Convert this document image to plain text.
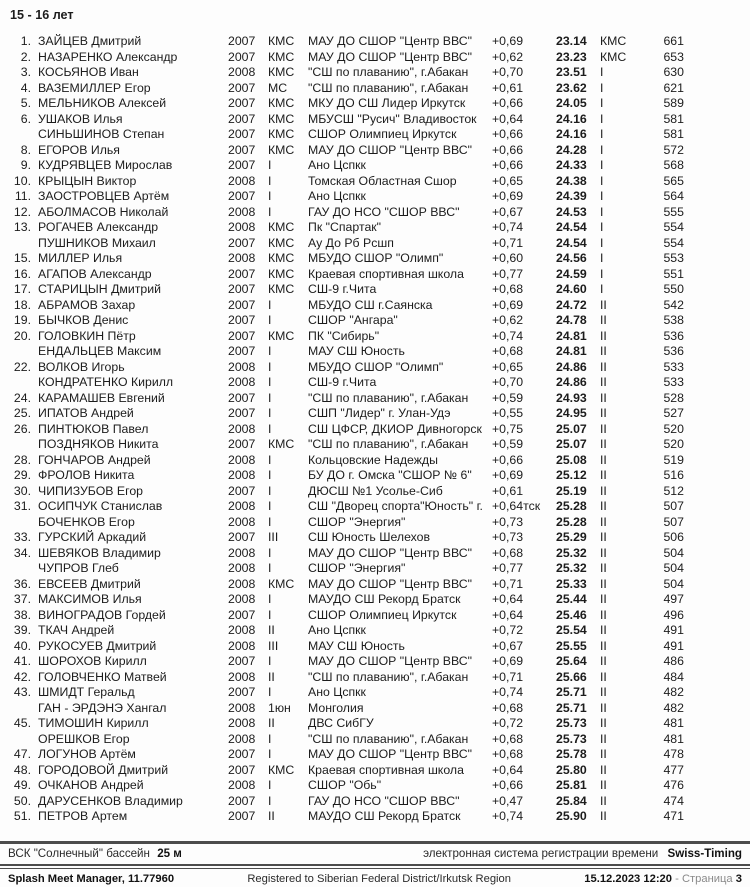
15 - 16 лет
1. ЗАЙЦЕВ Дмитрий	2007	КМС	МАУ ДО СШОР "Центр ВВС"	+0,69	23.14	КМС	661
2. НАЗАРЕНКО Александр	2007	КМС	МАУ ДО СШОР "Центр ВВС"	+0,62	23.23	КМС	653
3. КОСЬЯНОВ Иван	2008	КМС	"СШ по плаванию", г.Абакан	+0,70	23.51	I	630
4. ВАЗЕМИЛЛЕР Егор	2007	МС	"СШ по плаванию", г.Абакан	+0,61	23.62	I	621
5. МЕЛЬНИКОВ Алексей	2007	КМС	МКУ ДО СШ Лидер Иркутск	+0,66	24.05	I	589
6. УШАКОВ Илья	2007	КМС	МБУСШ "Русич" Владивосток	+0,64	24.16	I	581
СИНЬШИНОВ Степан	2007	КМС	СШОР Олимпиец Иркутск	+0,66	24.16	I	581
8. ЕГОРОВ Илья	2007	КМС	МАУ ДО СШОР "Центр ВВС"	+0,66	24.28	I	572
9. КУДРЯВЦЕВ Мирослав	2007	I	Ано Цспкк	+0,66	24.33	I	568
10. КРЫЦЫН Виктор	2008	I	Томская Областная Сшор	+0,65	24.38	I	565
11. ЗАОСТРОВЦЕВ Артём	2007	I	Ано Цспкк	+0,69	24.39	I	564
12. АБОЛМАСОВ Николай	2008	I	ГАУ ДО НСО "СШОР ВВС"	+0,67	24.53	I	555
13. РОГАЧЕВ Александр	2008	КМС	Пк "Спартак"	+0,74	24.54	I	554
ПУШНИКОВ Михаил	2007	КМС	Ау До Рб Рсшп	+0,71	24.54	I	554
15. МИЛЛЕР Илья	2008	КМС	МБУДО СШОР "Олимп"	+0,60	24.56	I	553
16. АГАПОВ Александр	2007	КМС	Краевая спортивная школа	+0,77	24.59	I	551
17. СТАРИЦЫН Дмитрий	2007	КМС	СШ-9 г.Чита	+0,68	24.60	I	550
18. АБРАМОВ Захар	2007	I	МБУДО СШ г.Саянска	+0,69	24.72	II	542
19. БЫЧКОВ Денис	2007	I	СШОР "Ангара"	+0,62	24.78	II	538
20. ГОЛОВКИН Пётр	2007	КМС	ПК "Сибирь"	+0,74	24.81	II	536
ЕНДАЛЬЦЕВ Максим	2007	I	МАУ СШ Юность	+0,68	24.81	II	536
22. ВОЛКОВ Игорь	2008	I	МБУДО СШОР "Олимп"	+0,65	24.86	II	533
КОНДРАТЕНКО Кирилл	2008	I	СШ-9 г.Чита	+0,70	24.86	II	533
24. КАРАМАШЕВ Евгений	2007	I	"СШ по плаванию", г.Абакан	+0,59	24.93	II	528
25. ИПАТОВ Андрей	2007	I	СШП "Лидер" г. Улан-Удэ	+0,55	24.95	II	527
26. ПИНТЮКОВ Павел	2008	I	СШ ЦФСР, ДКИОР Дивногорск +0,75	25.07	II	520
ПОЗДНЯКОВ Никита	2007	КМС	"СШ по плаванию", г.Абакан	+0,59	25.07	II	520
28. ГОНЧАРОВ Андрей	2008	I	Кольцовские Надежды	+0,66	25.08	II	519
29. ФРОЛОВ Никита	2008	I	БУ ДО г. Омска "СШОР № 6"	+0,69	25.12	II	516
30. ЧИПИЗУБОВ Егор	2007	I	ДЮСШ №1 Усолье-Сиб	+0,61	25.19	II	512
31. ОСИПЧУК Станислав	2008	I	СШ "Дворец спорта"Юность" г. +0,64тск 25.28	II	507
БОЧЕНКОВ Егор	2008	I	СШОР "Энергия"	+0,73	25.28	II	507
33. ГУРСКИЙ Аркадий	2007	III	СШ Юность Шелехов	+0,73	25.29	II	506
34. ШЕВЯКОВ Владимир	2008	I	МАУ ДО СШОР "Центр ВВС"	+0,68	25.32	II	504
ЧУПРОВ Глеб	2008	I	СШОР "Энергия"	+0,77	25.32	II	504
36. ЕВСЕЕВ Дмитрий	2008	КМС	МАУ ДО СШОР "Центр ВВС"	+0,71	25.33	II	504
37. МАКСИМОВ Илья	2008	I	МАУДО СШ Рекорд Братск	+0,64	25.44	II	497
38. ВИНОГРАДОВ Гордей	2007	I	СШОР Олимпиец Иркутск	+0,64	25.46	II	496
39. ТКАЧ Андрей	2008	II	Ано Цспкк	+0,72	25.54	II	491
40. РУКОСУЕВ Дмитрий	2008	III	МАУ СШ Юность	+0,67	25.55	II	491
41. ШОРОХОВ Кирилл	2007	I	МАУ ДО СШОР "Центр ВВС"	+0,69	25.64	II	486
42. ГОЛОВЧЕНКО Матвей	2008	II	"СШ по плаванию", г.Абакан	+0,71	25.66	II	484
43. ШМИДТ Геральд	2007	I	Ано Цспкк	+0,74	25.71	II	482
ГАН - ЭРДЭНЭ Хангал	2008	1юн	Монголия	+0,68	25.71	II	482
45. ТИМОШИН Кирилл	2008	II	ДВС СибГУ	+0,72	25.73	II	481
ОРЕШКОВ Егор	2008	I	"СШ по плаванию", г.Абакан	+0,68	25.73	II	481
47. ЛОГУНОВ Артём	2007	I	МАУ ДО СШОР "Центр ВВС"	+0,68	25.78	II	478
48. ГОРОДОВОЙ Дмитрий	2007	КМС	Краевая спортивная школа	+0,64	25.80	II	477
49. ОЧКАНОВ Андрей	2008	I	СШОР "Обь"	+0,66	25.81	II	476
50. ДАРУСЕНКОВ Владимир	2007	I	ГАУ ДО НСО "СШОР ВВС"	+0,47	25.84	II	474
51. ПЕТРОВ Артем	2007	II	МАУДО СШ Рекорд Братск	+0,74	25.90	II	471
ВСК "Солнечный" бассейн 25 м	электронная система регистрации времени Swiss-Timing
Splash Meet Manager, 11.77960	Registered to Siberian Federal District/Irkutsk Region	15.12.2023 12:20 - Страница 3
